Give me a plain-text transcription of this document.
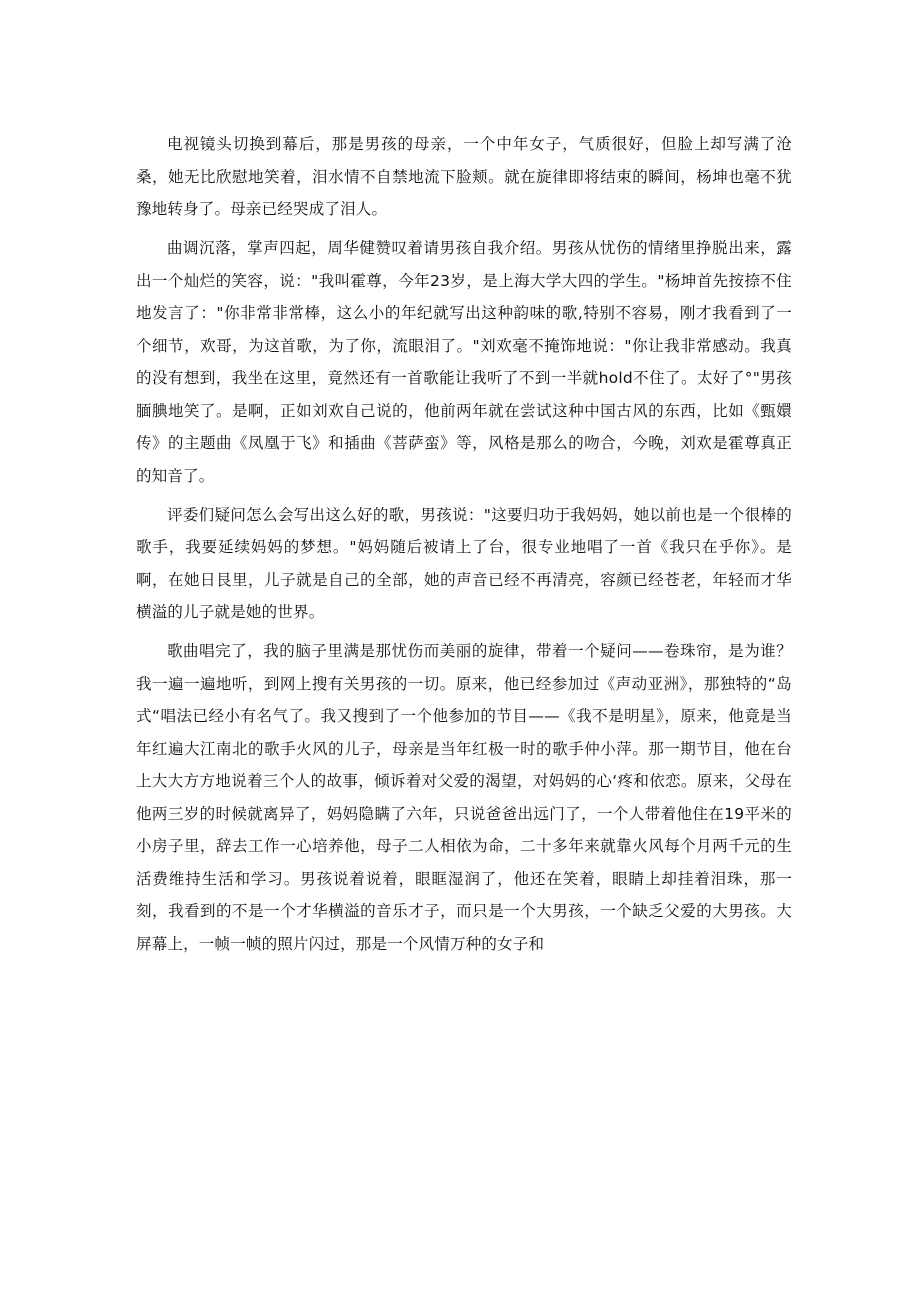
电视镜头切换到幕后，那是男孩的母亲，一个中年女子，气质很好，但脸上却写满了沧桑，她无比欣慰地笑着，泪水情不自禁地流下脸颊。就在旋律即将结束的瞬间，杨坤也毫不犹豫地转身了。母亲已经哭成了泪人。

曲调沉落，掌声四起，周华健赞叹着请男孩自我介绍。男孩从忧伤的情绪里挣脱出来，露出一个灿烂的笑容，说："我叫霍尊，今年23岁，是上海大学大四的学生。"杨坤首先按捺不住地发言了："你非常非常棒，这么小的年纪就写出这种韵味的歌,特别不容易，刚才我看到了一个细节，欢哥，为这首歌，为了你，流眼泪了。"刘欢毫不掩饰地说："你让我非常感动。我真的没有想到，我坐在这里，竟然还有一首歌能让我听了不到一半就hold不住了。太好了°"男孩腼腆地笑了。是啊，正如刘欢自己说的，他前两年就在尝试这种中国古风的东西，比如《甄嬛传》的主题曲《凤凰于飞》和插曲《菩萨蛮》等，风格是那么的吻合，今晚，刘欢是霍尊真正的知音了。

评委们疑问怎么会写出这么好的歌，男孩说："这要归功于我妈妈，她以前也是一个很棒的歌手，我要延续妈妈的梦想。"妈妈随后被请上了台，很专业地唱了一首《我只在乎你》。是啊，在她日艮里，儿子就是自己的全部，她的声音已经不再清亮，容颜已经苍老，年轻而才华横溢的儿子就是她的世界。

歌曲唱完了，我的脑子里满是那忧伤而美丽的旋律，带着一个疑问——卷珠帘，是为谁？我一遍一遍地听，到网上搜有关男孩的一切。原来，他已经参加过《声动亚洲》，那独特的“岛式“唱法已经小有名气了。我又搜到了一个他参加的节目——《我不是明星》，原来，他竟是当年红遍大江南北的歌手火风的儿子，母亲是当年红极一时的歌手仲小萍。那一期节目，他在台上大大方方地说着三个人的故事，倾诉着对父爱的渴望，对妈妈的心‘疼和依恋。原来，父母在他两三岁的时候就离异了，妈妈隐瞒了六年，只说爸爸出远门了，一个人带着他住在19平米的小房子里，辞去工作一心培养他，母子二人相依为命，二十多年来就靠火风每个月两千元的生活费维持生活和学习。男孩说着说着，眼眶湿润了，他还在笑着，眼睛上却挂着泪珠，那一刻，我看到的不是一个才华横溢的音乐才子，而只是一个大男孩，一个缺乏父爱的大男孩。大屏幕上，一帧一帧的照片闪过，那是一个风情万种的女子和
